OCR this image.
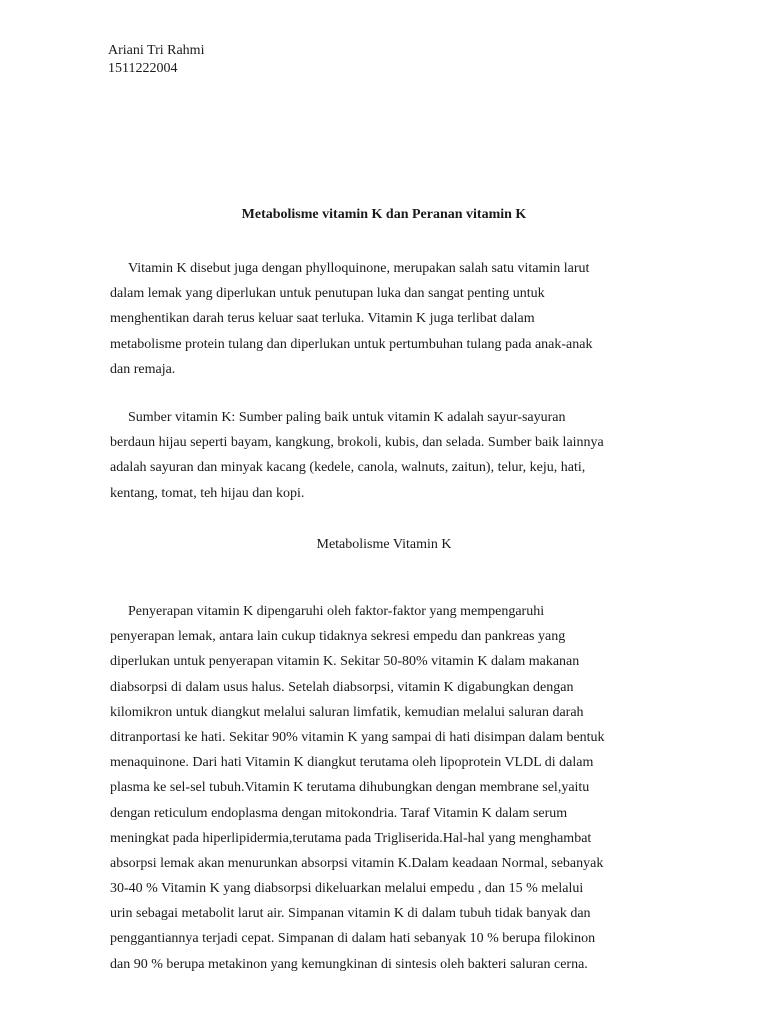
Ariani Tri Rahmi
1511222004
Metabolisme vitamin K dan Peranan vitamin K
Vitamin K disebut juga dengan phylloquinone, merupakan salah satu vitamin larut
dalam lemak yang diperlukan untuk penutupan luka dan sangat penting untuk
menghentikan darah terus keluar saat terluka. Vitamin K juga terlibat dalam
metabolisme protein tulang dan diperlukan untuk pertumbuhan tulang pada anak-anak
dan remaja.
Sumber vitamin K: Sumber paling baik untuk vitamin K adalah sayur-sayuran
berdaun hijau seperti bayam, kangkung, brokoli, kubis, dan selada. Sumber baik lainnya
adalah sayuran dan minyak kacang (kedele, canola, walnuts, zaitun), telur, keju, hati,
kentang, tomat, teh hijau dan kopi.
Metabolisme Vitamin K
Penyerapan vitamin K dipengaruhi oleh faktor-faktor yang mempengaruhi
penyerapan lemak, antara lain cukup tidaknya sekresi empedu dan pankreas yang
diperlukan untuk penyerapan vitamin K. Sekitar 50-80% vitamin K dalam makanan
diabsorpsi di dalam usus halus. Setelah diabsorpsi, vitamin K digabungkan dengan
kilomikron untuk diangkut melalui saluran limfatik, kemudian melalui saluran darah
ditranportasi ke hati. Sekitar 90% vitamin K yang sampai di hati disimpan dalam bentuk
menaquinone. Dari hati Vitamin K diangkut terutama oleh lipoprotein VLDL di dalam
plasma ke sel-sel tubuh.Vitamin K terutama dihubungkan dengan membrane sel,yaitu
dengan reticulum endoplasma dengan mitokondria. Taraf Vitamin K dalam serum
meningkat pada hiperlipidermia,terutama pada Trigliserida.Hal-hal yang menghambat
absorpsi lemak akan menurunkan absorpsi vitamin K.Dalam keadaan Normal, sebanyak
30-40 % Vitamin K yang diabsorpsi dikeluarkan melalui empedu , dan 15 % melalui
urin sebagai metabolit larut air. Simpanan vitamin K di dalam tubuh tidak banyak dan
penggantiannya terjadi cepat. Simpanan di dalam hati sebanyak 10 % berupa filokinon
dan 90 % berupa metakinon yang kemungkinan di sintesis oleh bakteri saluran cerna.
